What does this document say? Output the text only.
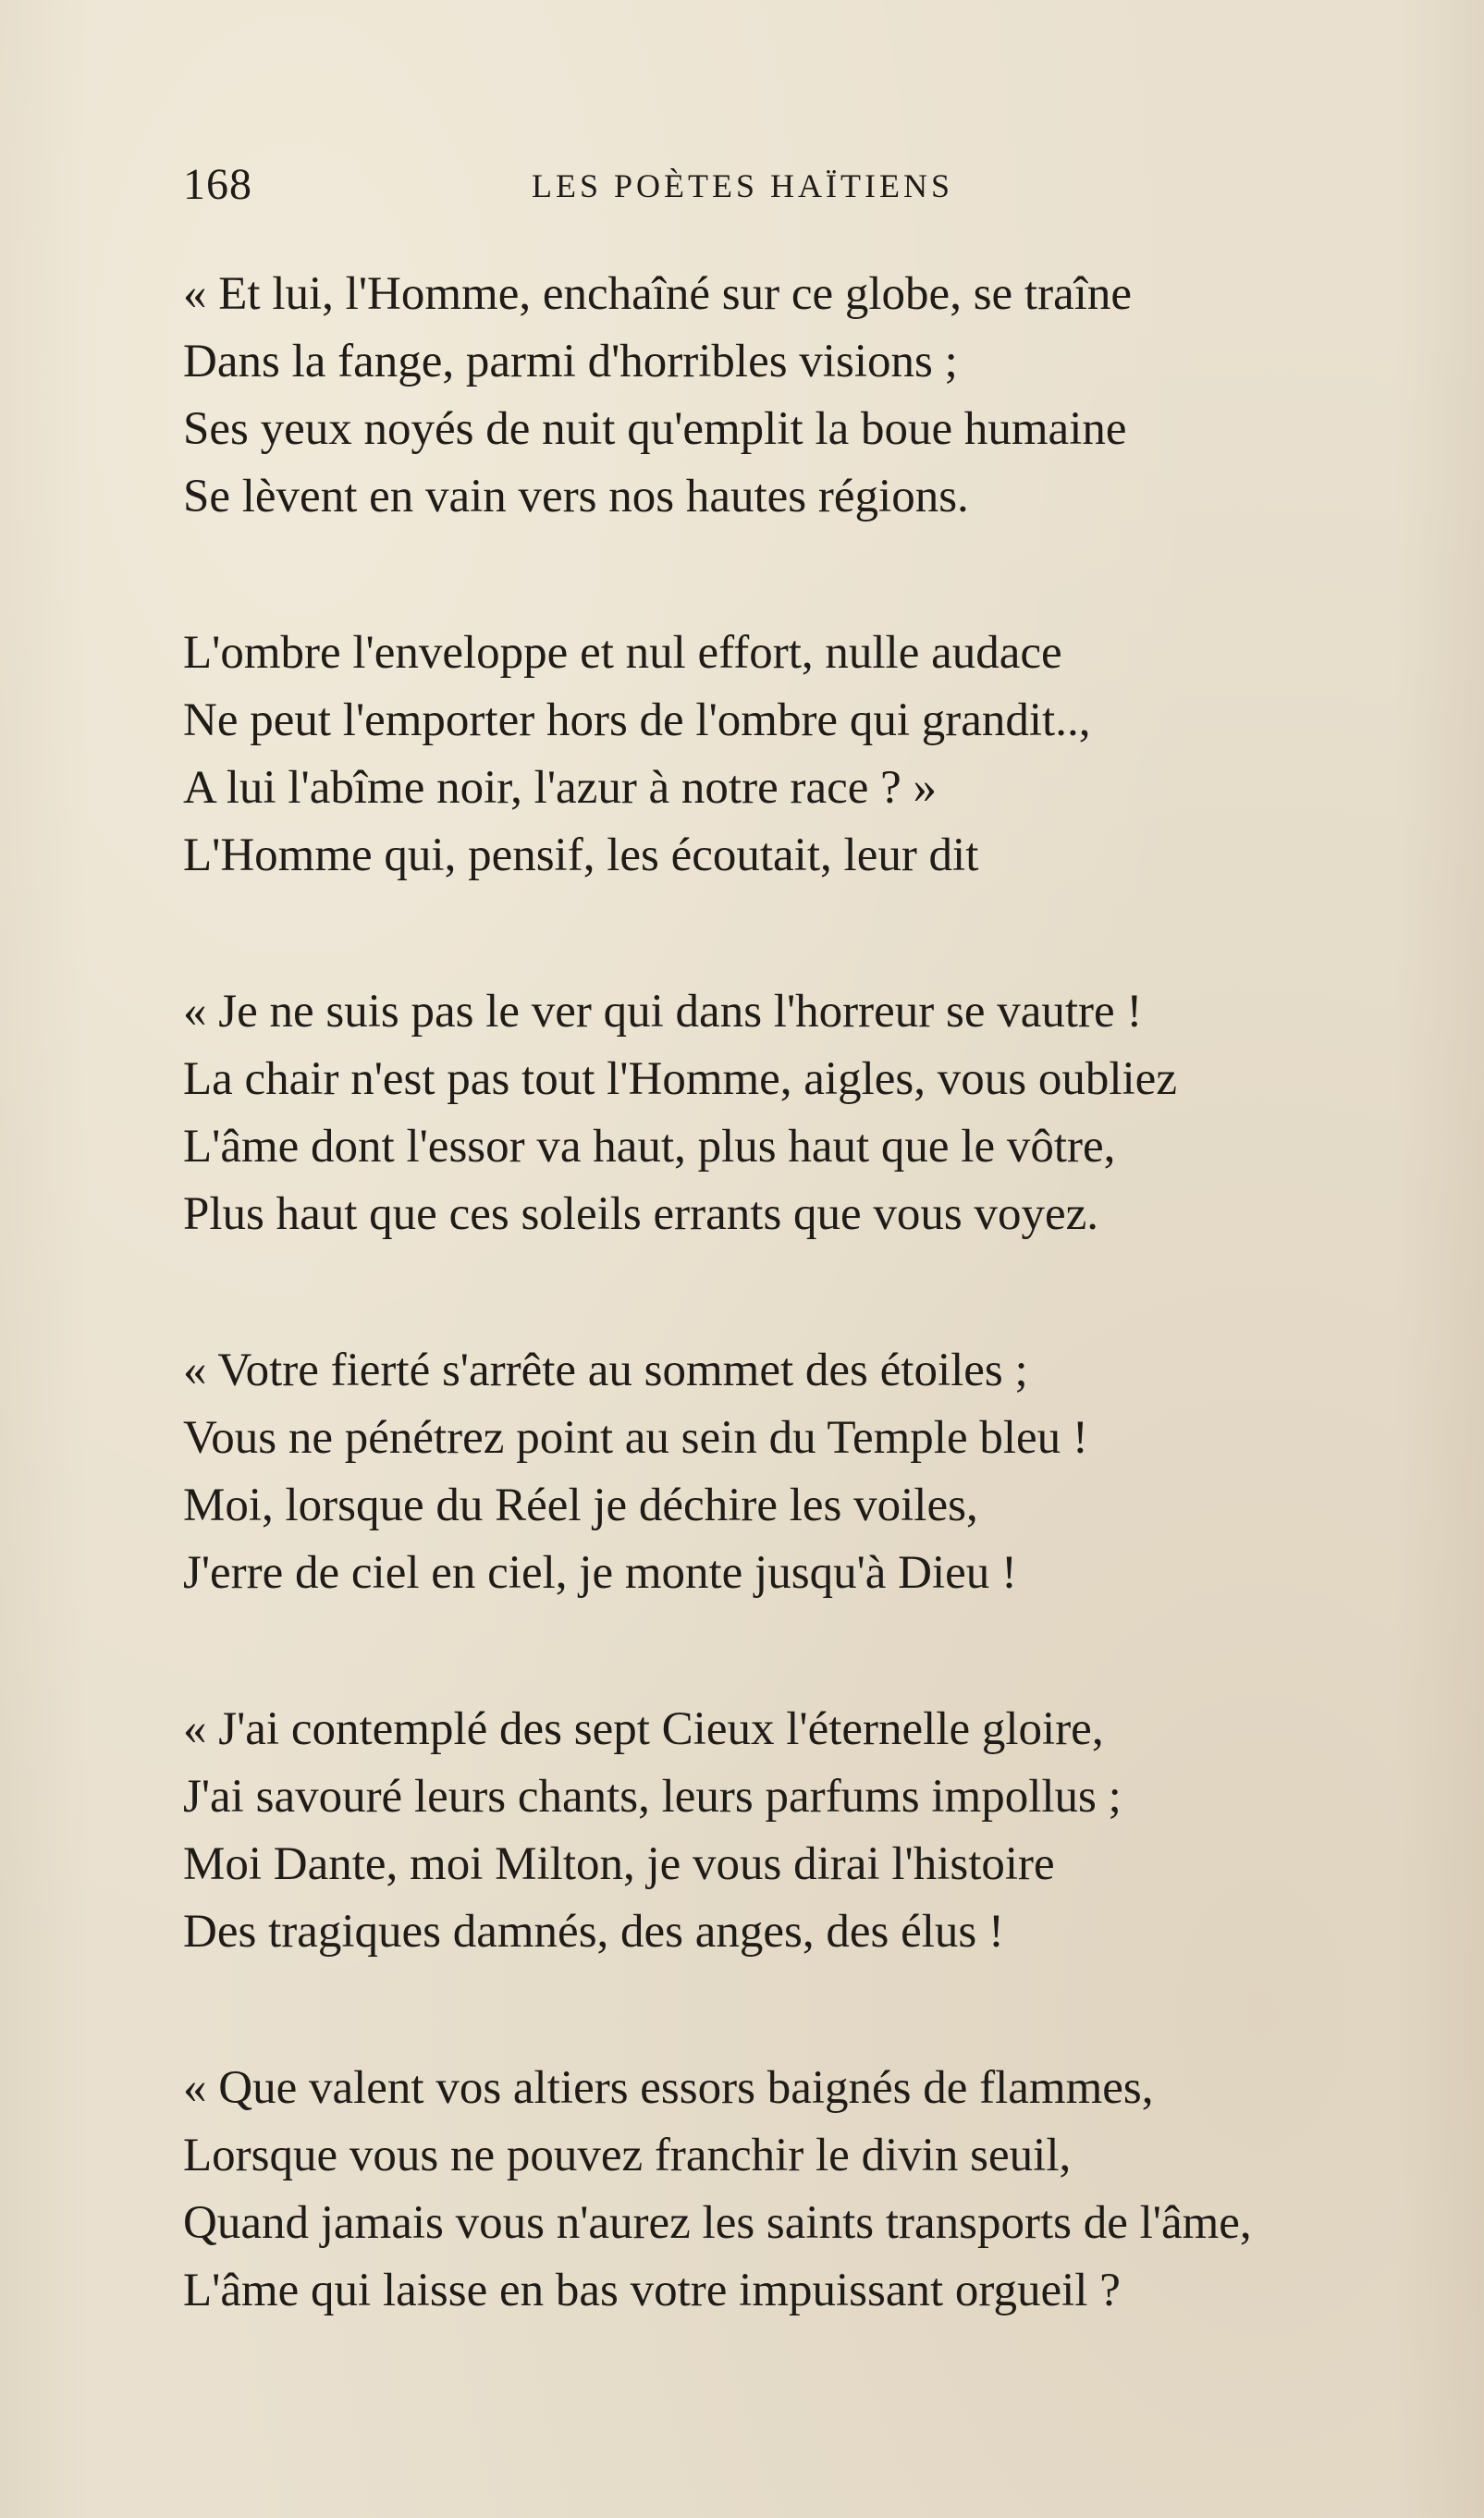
168	LES POÈTES HAÏTIENS
« Et lui, l'Homme, enchaîné sur ce globe, se traîne
Dans la fange, parmi d'horribles visions ;
Ses yeux noyés de nuit qu'emplit la boue humaine
Se lèvent en vain vers nos hautes régions.
L'ombre l'enveloppe et nul effort, nulle audace
Ne peut l'emporter hors de l'ombre qui grandit..,
A lui l'abîme noir, l'azur à notre race ? »
L'Homme qui, pensif, les écoutait, leur dit
« Je ne suis pas le ver qui dans l'horreur se vautre !
La chair n'est pas tout l'Homme, aigles, vous oubliez
L'âme dont l'essor va haut, plus haut que le vôtre,
Plus haut que ces soleils errants que vous voyez.
« Votre fierté s'arrête au sommet des étoiles ;
Vous ne pénétrez point au sein du Temple bleu !
Moi, lorsque du Réel je déchire les voiles,
J'erre de ciel en ciel, je monte jusqu'à Dieu !
« J'ai contemplé des sept Cieux l'éternelle gloire,
J'ai savouré leurs chants, leurs parfums impollus ;
Moi Dante, moi Milton, je vous dirai l'histoire
Des tragiques damnés, des anges, des élus !
« Que valent vos altiers essors baignés de flammes,
Lorsque vous ne pouvez franchir le divin seuil,
Quand jamais vous n'aurez les saints transports de l'âme,
L'âme qui laisse en bas votre impuissant orgueil ?
